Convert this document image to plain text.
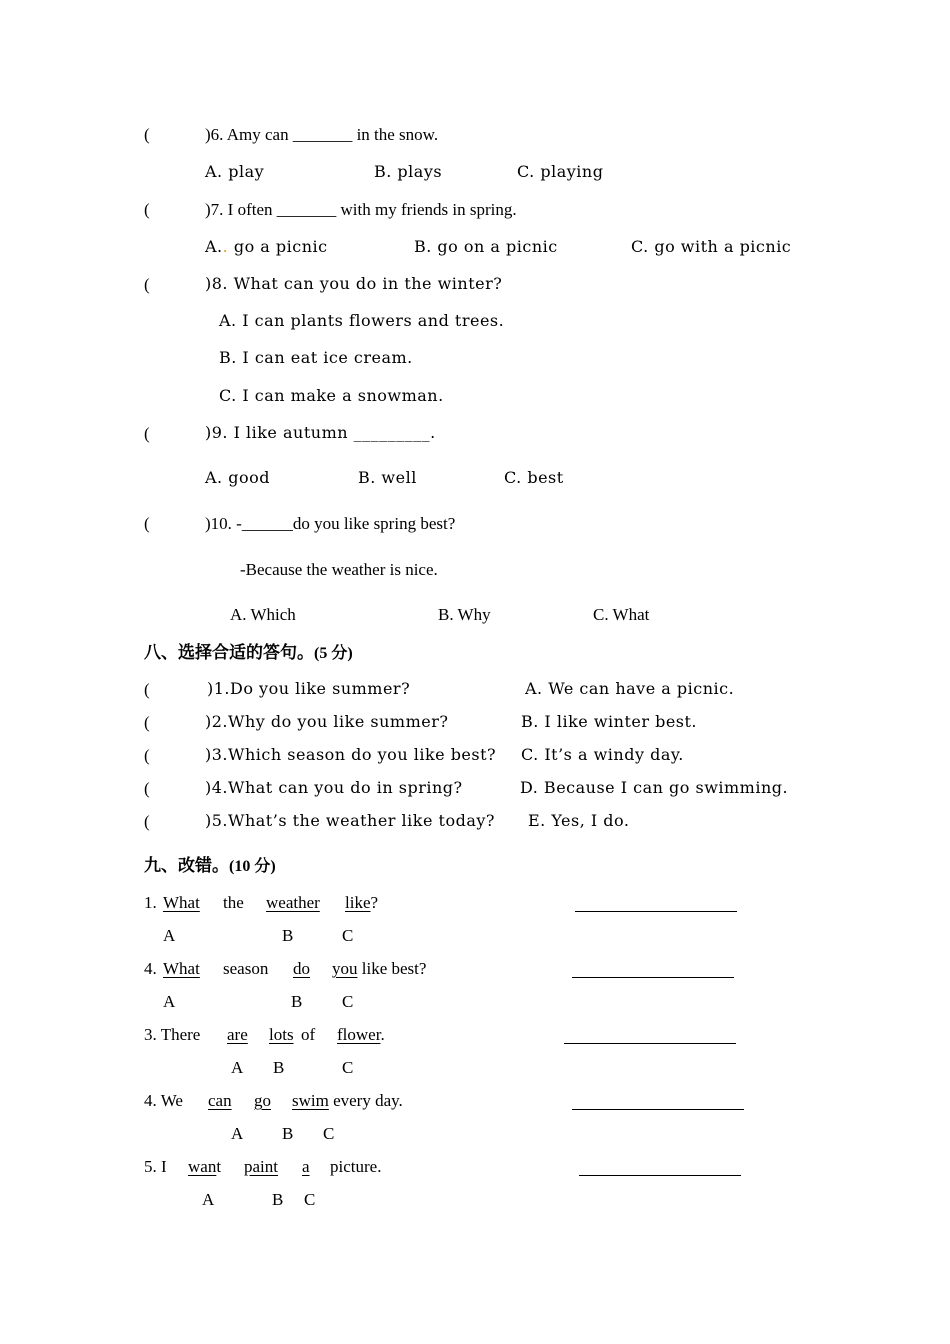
(	)6. Amy can _______ in the snow.
A. play	B. plays	C. playing
(	)7. I often _______ with my friends in spring.
A.. go a picnic	B. go on a picnic	C. go with a picnic
(	)8. What can you do in the winter?
A. I can plants flowers and trees.
B. I can eat ice cream.
C. I can make a snowman.
(	)9. I like autumn _________.
A. good	B. well	C. best
(	)10. -______do you like spring best?
-Because the weather is nice.
A. Which	B. Why	C. What
八、选择合适的答句。(5 分)
(	)1.Do you like summer?	A. We can have a picnic.
(	)2.Why do you like summer?	B. I like winter best.
(	)3.Which season do you like best? C. It’s a windy day.
(	)4.What can you do in spring?	D. Because I can go swimming.
(	)5.What’s the weather like today? E. Yes, I do.
九、改错。(10 分)
1. What the weather like?
A	B	C
4. What season do you like best?
A	B C
3. There are lots of flower.
A B	C
4. We can go swim every day.
A B C
5. I want paint a picture.
A	B C
